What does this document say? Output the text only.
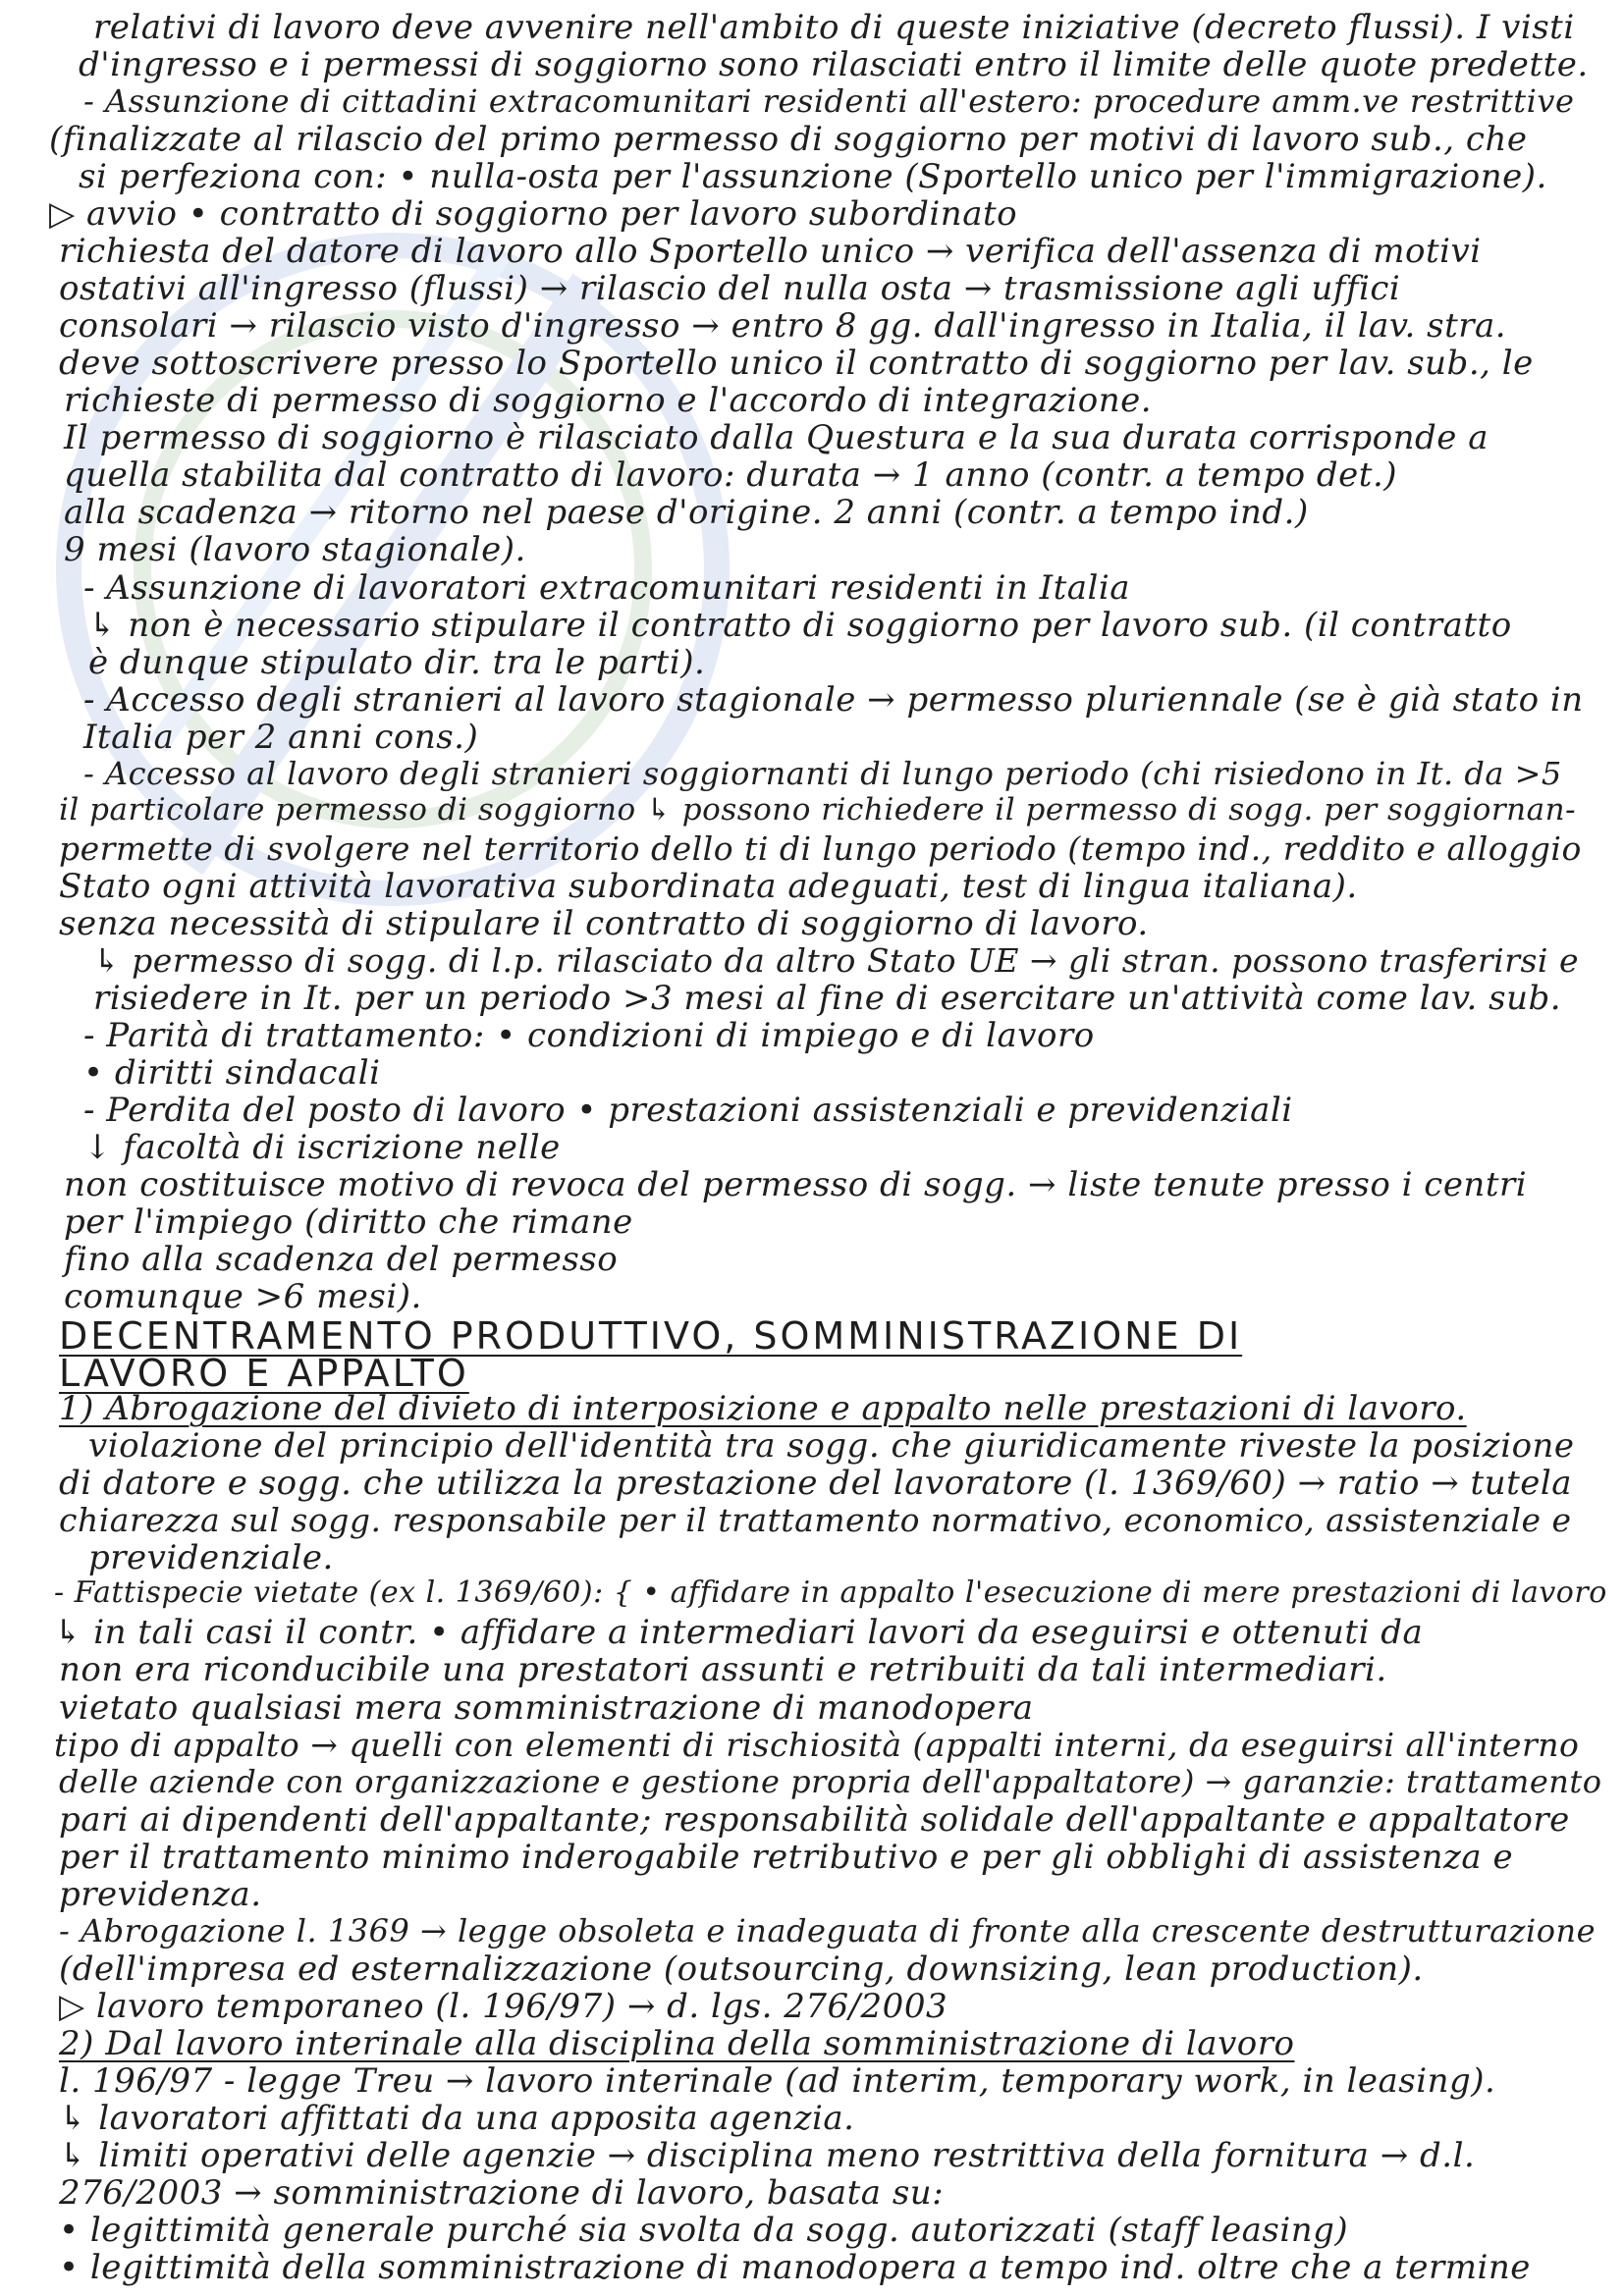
relativi di lavoro deve avvenire nell'ambito di queste iniziative (decreto flussi). I visti
d'ingresso e i permessi di soggiorno sono rilasciati entro il limite delle quote predette.
- Assunzione di cittadini extracomunitari residenti all'estero: procedure amm.ve restrittive
(finalizzate al rilascio del primo permesso di soggiorno per motivi di lavoro sub., che
si perfeziona con: • nulla-osta per l'assunzione (Sportello unico per l'immigrazione).
▷ avvio • contratto di soggiorno per lavoro subordinato
richiesta del datore di lavoro allo Sportello unico → verifica dell'assenza di motivi
ostativi all'ingresso (flussi) → rilascio del nulla osta → trasmissione agli uffici
consolari → rilascio visto d'ingresso → entro 8 gg. dall'ingresso in Italia, il lav. stra.
deve sottoscrivere presso lo Sportello unico il contratto di soggiorno per lav. sub., le
richieste di permesso di soggiorno e l'accordo di integrazione.
Il permesso di soggiorno è rilasciato dalla Questura e la sua durata corrisponde a
quella stabilita dal contratto di lavoro: durata → 1 anno (contr. a tempo det.)
alla scadenza → ritorno nel paese d'origine. 2 anni (contr. a tempo ind.)
9 mesi (lavoro stagionale).
- Assunzione di lavoratori extracomunitari residenti in Italia
↳ non è necessario stipulare il contratto di soggiorno per lavoro sub. (il contratto
è dunque stipulato dir. tra le parti).
- Accesso degli stranieri al lavoro stagionale → permesso pluriennale (se è già stato in
Italia per 2 anni cons.)
- Accesso al lavoro degli stranieri soggiornanti di lungo periodo (chi risiedono in It. da >5
il particolare permesso di soggiorno ↳ possono richiedere il permesso di sogg. per soggiornan-
permette di svolgere nel territorio dello ti di lungo periodo (tempo ind., reddito e alloggio
Stato ogni attività lavorativa subordinata adeguati, test di lingua italiana).
senza necessità di stipulare il contratto di soggiorno di lavoro.
↳ permesso di sogg. di l.p. rilasciato da altro Stato UE → gli stran. possono trasferirsi e
risiedere in It. per un periodo >3 mesi al fine di esercitare un'attività come lav. sub.
- Parità di trattamento: • condizioni di impiego e di lavoro
• diritti sindacali
- Perdita del posto di lavoro • prestazioni assistenziali e previdenziali
↓ facoltà di iscrizione nelle
non costituisce motivo di revoca del permesso di sogg. → liste tenute presso i centri
per l'impiego (diritto che rimane
fino alla scadenza del permesso
comunque >6 mesi).
DECENTRAMENTO PRODUTTIVO, SOMMINISTRAZIONE DI
LAVORO E APPALTO
1) Abrogazione del divieto di interposizione e appalto nelle prestazioni di lavoro.
violazione del principio dell'identità tra sogg. che giuridicamente riveste la posizione
di datore e sogg. che utilizza la prestazione del lavoratore (l. 1369/60) → ratio → tutela
chiarezza sul sogg. responsabile per il trattamento normativo, economico, assistenziale e
previdenziale.
- Fattispecie vietate (ex l. 1369/60): { • affidare in appalto l'esecuzione di mere prestazioni di lavoro
↳ in tali casi il contr. • affidare a intermediari lavori da eseguirsi e ottenuti da
non era riconducibile una prestatori assunti e retribuiti da tali intermediari.
vietato qualsiasi mera somministrazione di manodopera
tipo di appalto → quelli con elementi di rischiosità (appalti interni, da eseguirsi all'interno
delle aziende con organizzazione e gestione propria dell'appaltatore) → garanzie: trattamento
pari ai dipendenti dell'appaltante; responsabilità solidale dell'appaltante e appaltatore
per il trattamento minimo inderogabile retributivo e per gli obblighi di assistenza e
previdenza.
- Abrogazione l. 1369 → legge obsoleta e inadeguata di fronte alla crescente destrutturazione
(dell'impresa ed esternalizzazione (outsourcing, downsizing, lean production).
▷ lavoro temporaneo (l. 196/97) → d. lgs. 276/2003
2) Dal lavoro interinale alla disciplina della somministrazione di lavoro
l. 196/97 - legge Treu → lavoro interinale (ad interim, temporary work, in leasing).
↳ lavoratori affittati da una apposita agenzia.
↳ limiti operativi delle agenzie → disciplina meno restrittiva della fornitura → d.l.
276/2003 → somministrazione di lavoro, basata su:
• legittimità generale purché sia svolta da sogg. autorizzati (staff leasing)
• legittimità della somministrazione di manodopera a tempo ind. oltre che a termine
